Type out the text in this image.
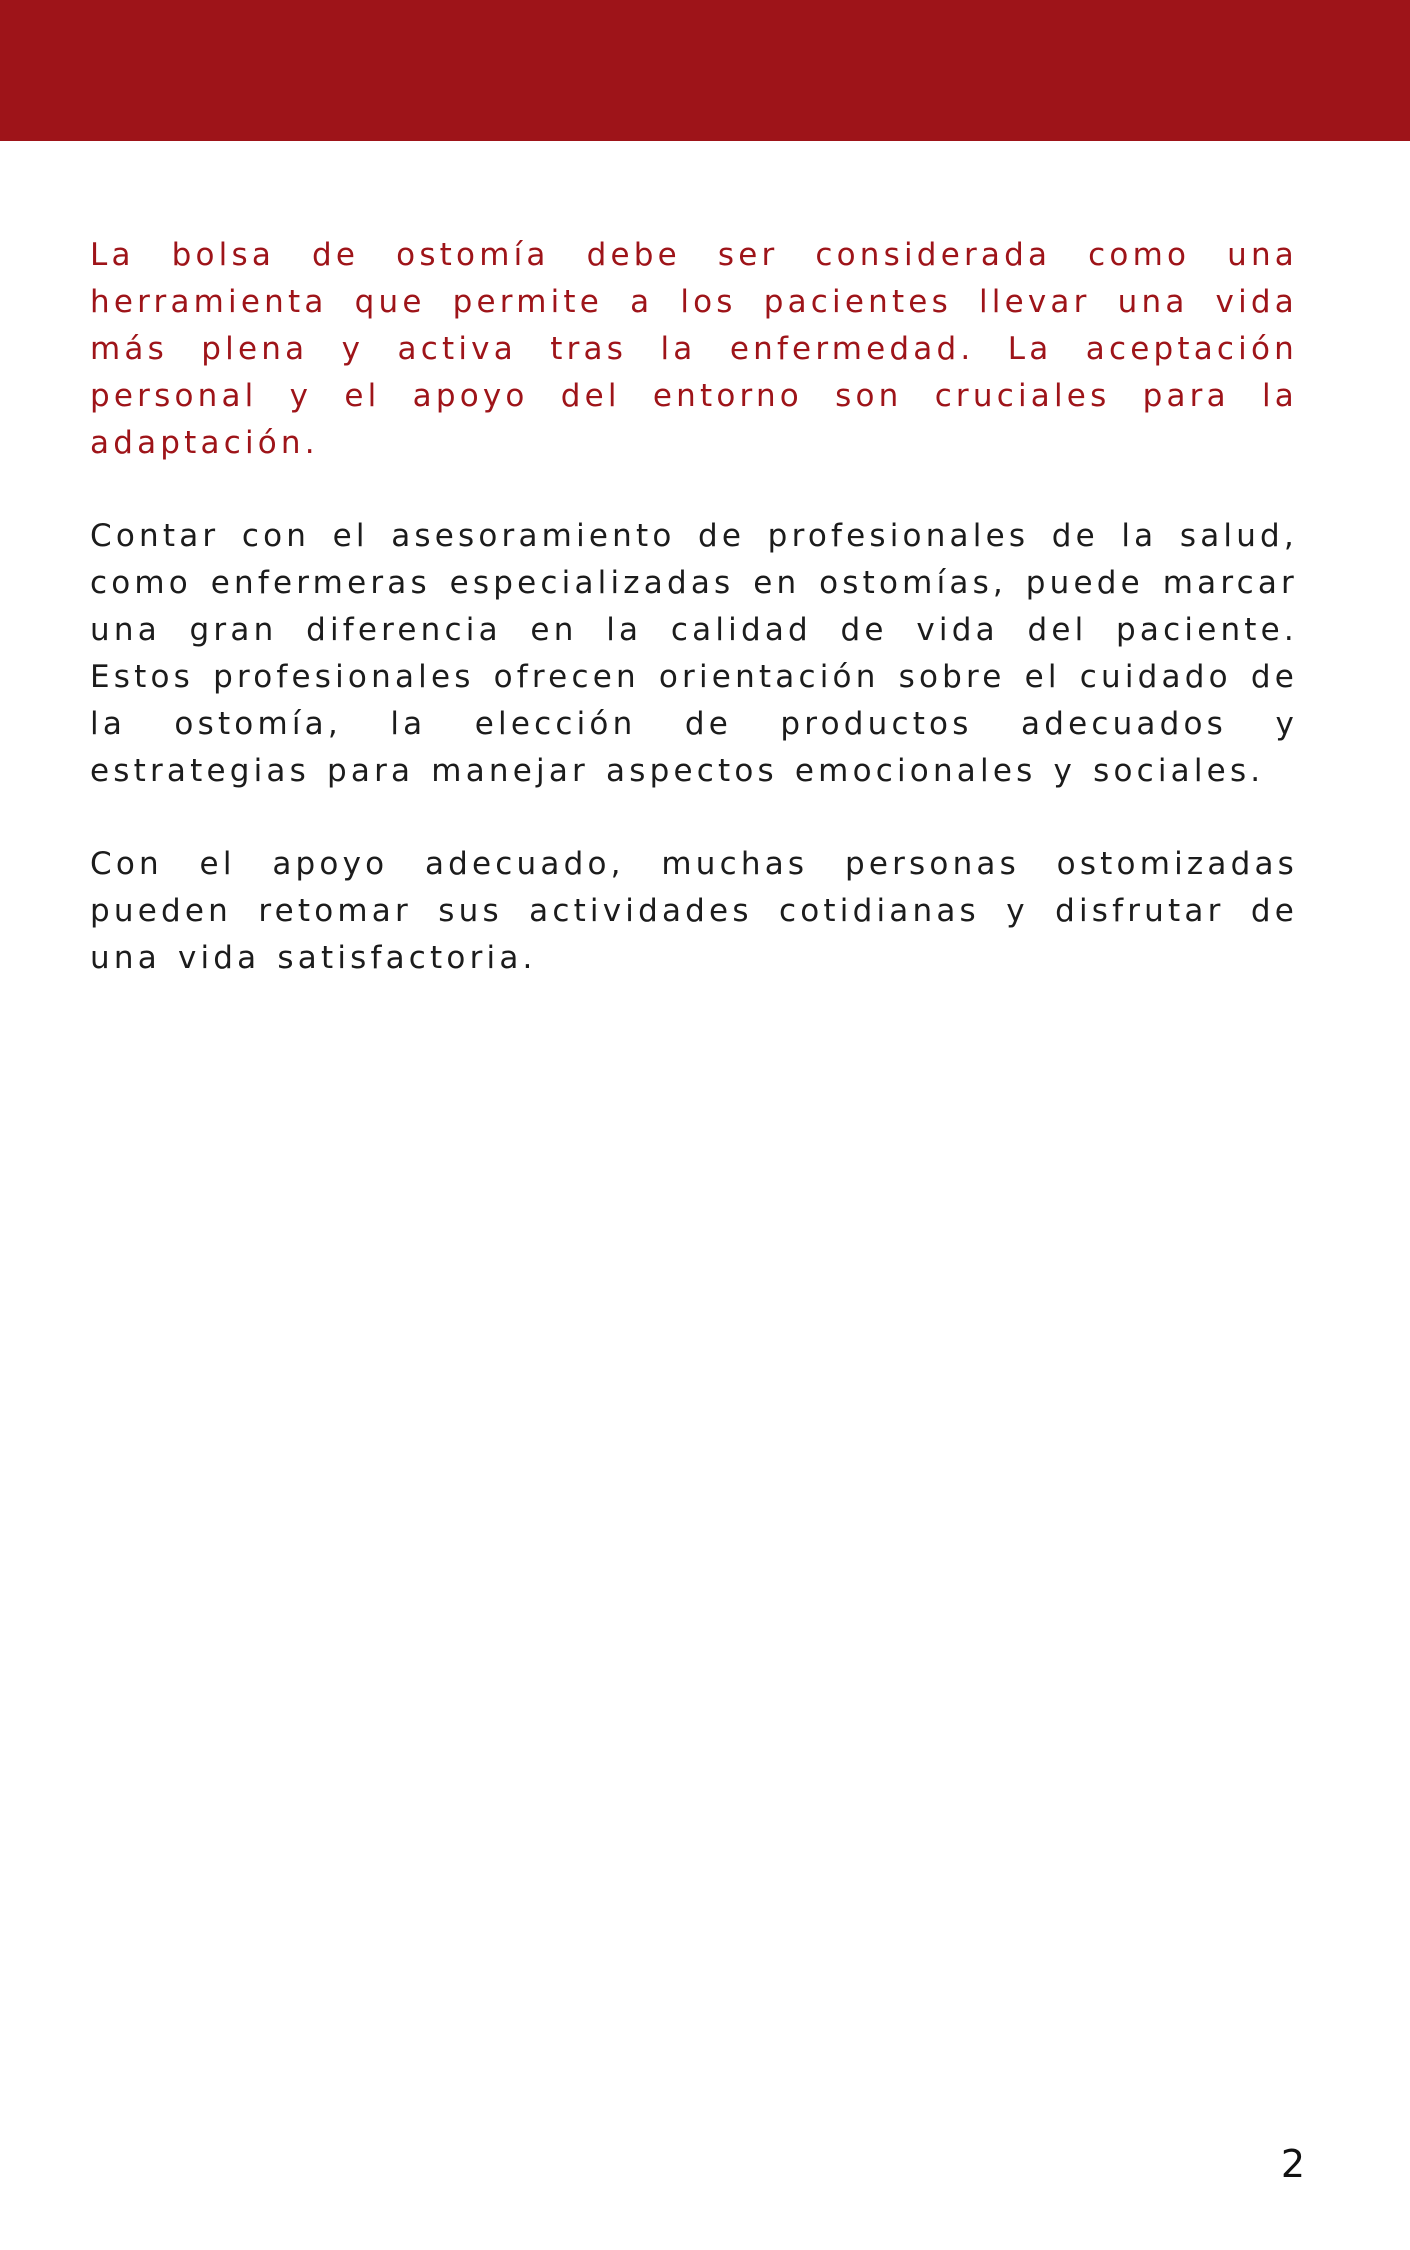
La bolsa de ostomía debe ser considerada como una herramienta que permite a los pacientes llevar una vida más plena y activa tras la enfermedad. La aceptación personal y el apoyo del entorno son cruciales para la adaptación.

Contar con el asesoramiento de profesionales de la salud, como enfermeras especializadas en ostomías, puede marcar una gran diferencia en la calidad de vida del paciente. Estos profesionales ofrecen orientación sobre el cuidado de la ostomía, la elección de productos adecuados y estrategias para manejar aspectos emocionales y sociales.

Con el apoyo adecuado, muchas personas ostomizadas pueden retomar sus actividades cotidianas y disfrutar de una vida satisfactoria.

2
